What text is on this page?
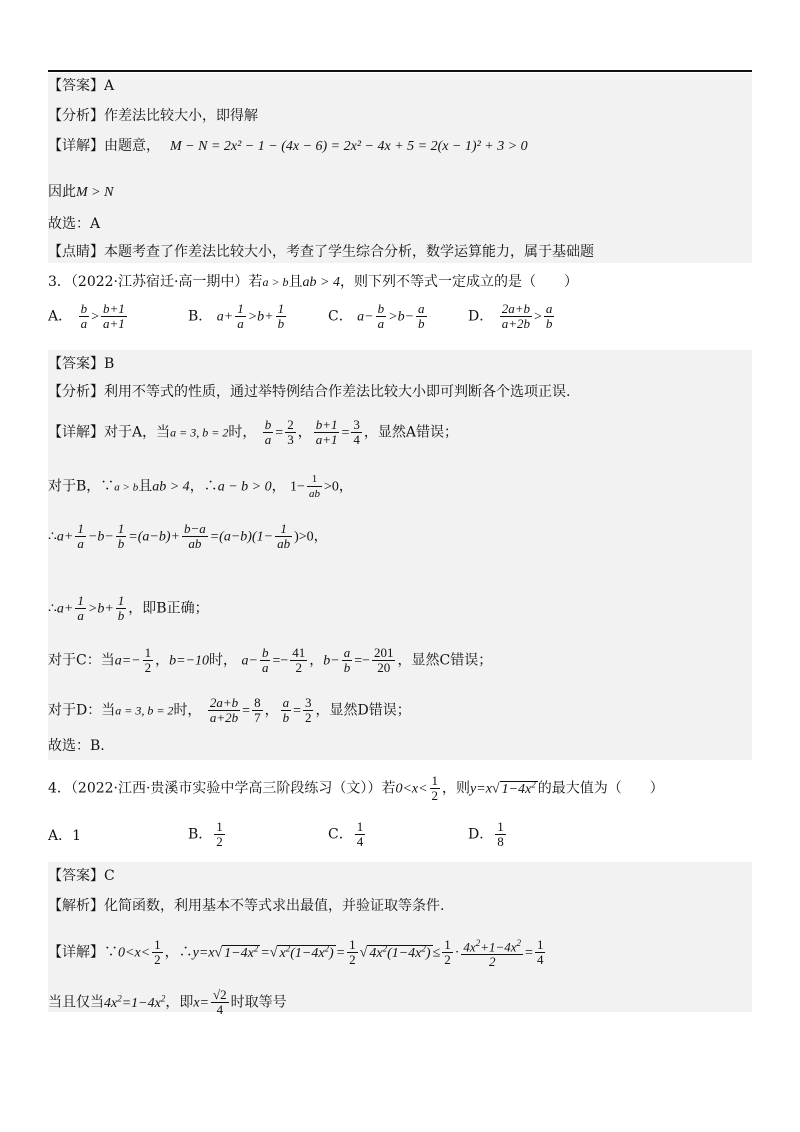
【答案】A
【分析】作差法比较大小，即得解
【详解】由题意， M − N = 2x² − 1 − (4x − 6) = 2x² − 4x + 5 = 2(x − 1)² + 3 > 0
因此M > N
故选：A
【点睛】本题考查了作差法比较大小，考查了学生综合分析，数学运算能力，属于基础题
3．（2022·江苏宿迁·高一期中）若a > b且ab > 4，则下列不等式一定成立的是（　　）
A． $\frac{b}{a} > \frac{b+1}{a+1}$	B． $a+ \frac{1}{a} >b+ \frac{1}{b}$	C． $a- \frac{b}{a} >b- \frac{a}{b}$	D． $\frac{2a+b}{a+2b} > \frac{a}{b}$
【答案】B
【分析】利用不等式的性质，通过举特例结合作差法比较大小即可判断各个选项正误.
【详解】对于A，当a = 3, b = 2时， $\frac{b}{a} = \frac{2}{3}$ ， $\frac{b+1}{a+1} = \frac{3}{4}$ ，显然A错误；
对于B，∵a > b且ab > 4，∴a − b > 0， $1- \frac{1}{ab} >0$，
∴a+ $\frac{1}{a} -b- \frac{1}{b} =(a-b)+ \frac{b-a}{ab} =(a-b)(1- \frac{1}{ab} )>0$，
∴a+ $\frac{1}{a} >b+ \frac{1}{b}$ ，即B正确；
对于C：当$a=- \frac{1}{2}$ ，b=−10时， $a- \frac{b}{a} =- \frac{41}{2}$ ，$b- \frac{a}{b} =- \frac{201}{20}$ ，显然C错误；
对于D：当a = 3, b = 2时， $\frac{2a+b}{a+2b} = \frac{8}{7}$ ， $\frac{a}{b} = \frac{3}{2}$ ，显然D错误；
故选：B.
4．（2022·江西·贵溪市实验中学高三阶段练习（文））若$0<x< \frac{1}{2}$ ，则y=x√ $1-4x^2$ 的最大值为（　　）
A．1	B． $\frac{1}{2}$	C． $\frac{1}{4}$	D． $\frac{1}{8}$
【答案】C
【解析】化简函数，利用基本不等式求出最值，并验证取等条件.
【详解】∵0<x< $\frac{1}{2}$ ，∴y=x√ $1-4x^2$ =√ $x^2(1-4x^2) = \frac{1}{2}$ √ $4x^2(1-4x^2) \le \frac{1}{2} \cdot \frac{4x^2+1-4x^2}{2} = \frac{1}{4}$
当且仅当$4x^2=1-4x^2$，即$x= \frac{√2}{4}$ 时取等号
